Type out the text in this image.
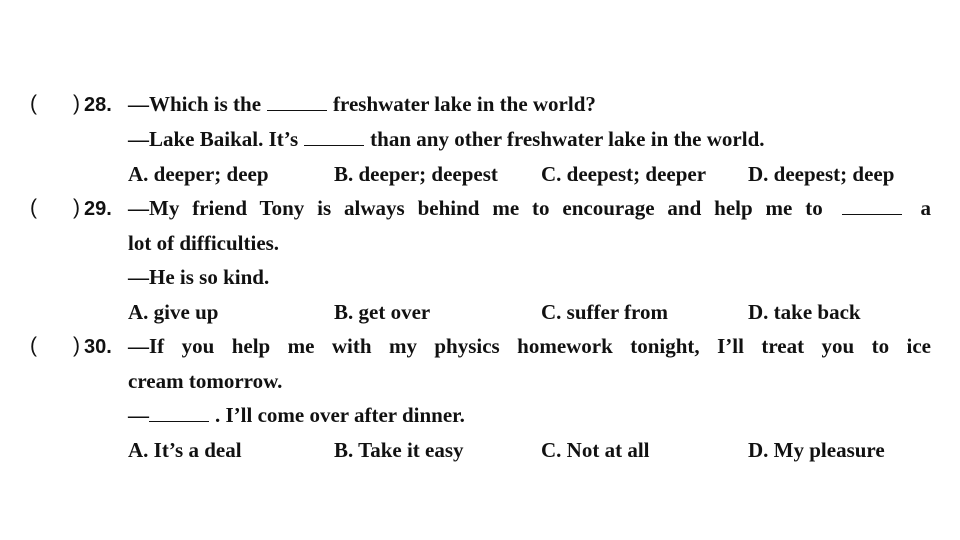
( ) 28. —Which is the	freshwater lake in the world?
—Lake Baikal. It’s	than any other freshwater lake in the world.
A. deeper; deep	B. deeper; deepest C. deepest; deeper D. deepest; deep
( ) 29. —My friend Tony is always behind me to encourage and help me to	a
lot of difficulties.
—He is so kind.
A. give up	B. get over	C. suffer from	D. take back
( ) 30. —If you help me with my physics homework tonight, I’ll treat you to ice
cream tomorrow.
—	. I’ll come over after dinner.
A. It’s a deal	B. Take it easy	C. Not at all	D. My pleasure
